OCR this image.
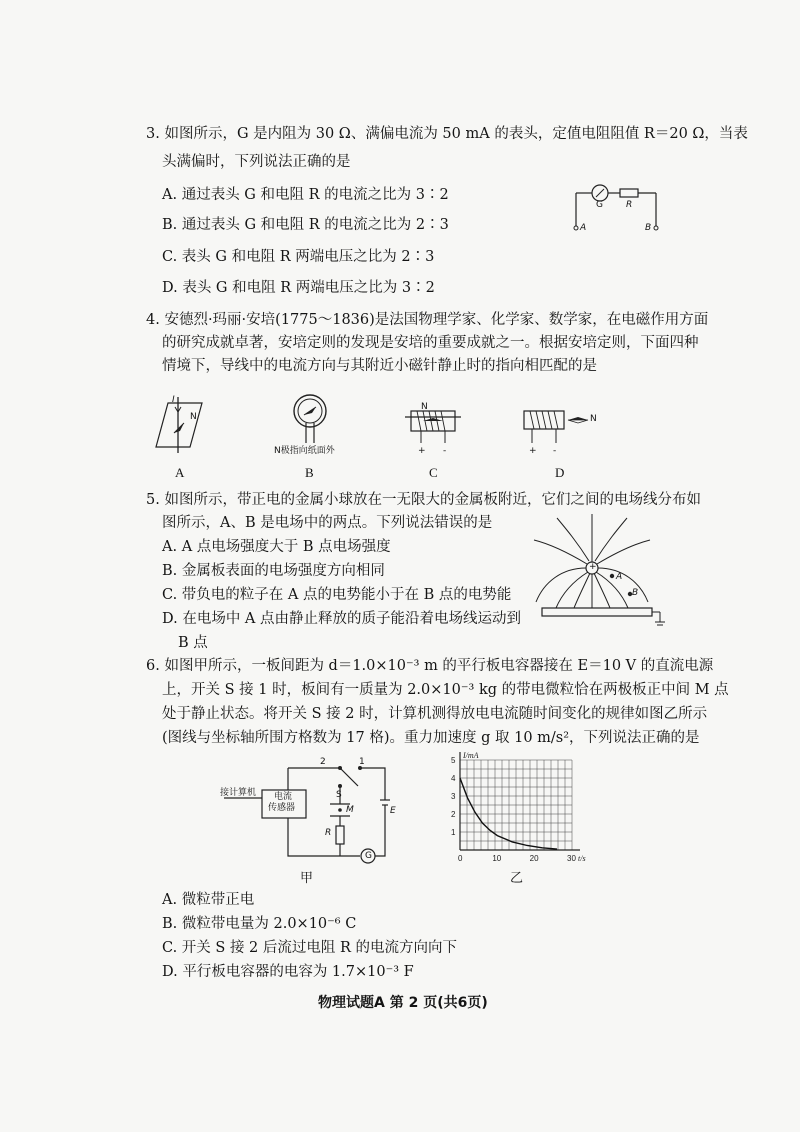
3. 如图所示，G 是内阻为 30 Ω、满偏电流为 50 mA 的表头，定值电阻阻值 R＝20 Ω，当表
头满偏时，下列说法正确的是
A. 通过表头 G 和电阻 R 的电流之比为 3∶2
B. 通过表头 G 和电阻 R 的电流之比为 2∶3
C. 表头 G 和电阻 R 两端电压之比为 2∶3
D. 表头 G 和电阻 R 两端电压之比为 3∶2
G	R
A	B
4. 安德烈·玛丽·安培(1775～1836)是法国物理学家、化学家、数学家，在电磁作用方面
的研究成就卓著，安培定则的发现是安培的重要成就之一。根据安培定则，下面四种
情境下，导线中的电流方向与其附近小磁针静止时的指向相匹配的是
I
N
N极指向纸面外
N
+ -
N
+ -
A	B	C	D
5. 如图所示，带正电的金属小球放在一无限大的金属板附近，它们之间的电场线分布如
图所示，A、B 是电场中的两点。下列说法错误的是
A. A 点电场强度大于 B 点电场强度
B. 金属板表面的电场强度方向相同
C. 带负电的粒子在 A 点的电势能小于在 B 点的电势能
D. 在电场中 A 点由静止释放的质子能沿着电场线运动到
B 点
+
A
B
6. 如图甲所示，一板间距为 d＝1.0×10⁻³ m 的平行板电容器接在 E＝10 V 的直流电源
上，开关 S 接 1 时，板间有一质量为 2.0×10⁻³ kg 的带电微粒恰在两极板正中间 M 点
处于静止状态。将开关 S 接 2 时，计算机测得放电电流随时间变化的规律如图乙所示
(图线与坐标轴所围方格数为 17 格)。重力加速度 g 取 10 m/s²，下列说法正确的是
接计算机 电流
传感器
S
1
2
M
R
E
G
甲
1
2
3
4
5
0	10	20	30
I/mA
t/s
乙
A. 微粒带正电
B. 微粒带电量为 2.0×10⁻⁶ C
C. 开关 S 接 2 后流过电阻 R 的电流方向向下
D. 平行板电容器的电容为 1.7×10⁻³ F
物理试题A 第 2 页(共6页)
